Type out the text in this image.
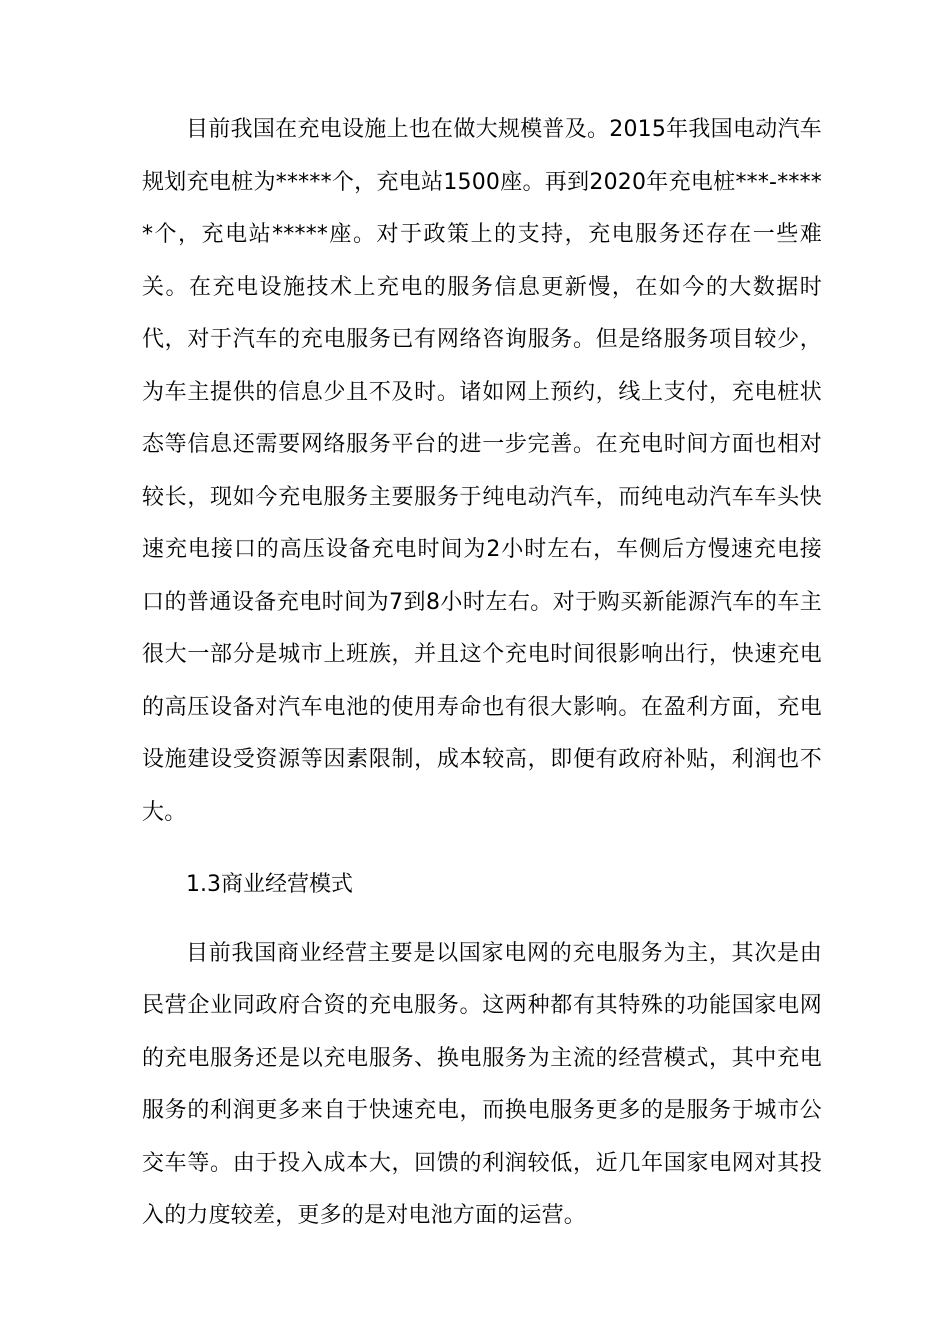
目前我国在充电设施上也在做大规模普及。2015年我国电动汽车规划充电桩为*****个，充电站1500座。再到2020年充电桩***-*****个，充电站*****座。对于政策上的支持，充电服务还存在一些难关。在充电设施技术上充电的服务信息更新慢，在如今的大数据时代，对于汽车的充电服务已有网络咨询服务。但是络服务项目较少，为车主提供的信息少且不及时。诸如网上预约，线上支付，充电桩状态等信息还需要网络服务平台的进一步完善。在充电时间方面也相对较长，现如今充电服务主要服务于纯电动汽车，而纯电动汽车车头快速充电接口的高压设备充电时间为2小时左右，车侧后方慢速充电接口的普通设备充电时间为7到8小时左右。对于购买新能源汽车的车主很大一部分是城市上班族，并且这个充电时间很影响出行，快速充电的高压设备对汽车电池的使用寿命也有很大影响。在盈利方面，充电设施建设受资源等因素限制，成本较高，即便有政府补贴，利润也不大。

1.3商业经营模式

目前我国商业经营主要是以国家电网的充电服务为主，其次是由民营企业同政府合资的充电服务。这两种都有其特殊的功能国家电网的充电服务还是以充电服务、换电服务为主流的经营模式，其中充电服务的利润更多来自于快速充电，而换电服务更多的是服务于城市公交车等。由于投入成本大，回馈的利润较低，近几年国家电网对其投入的力度较差，更多的是对电池方面的运营。
